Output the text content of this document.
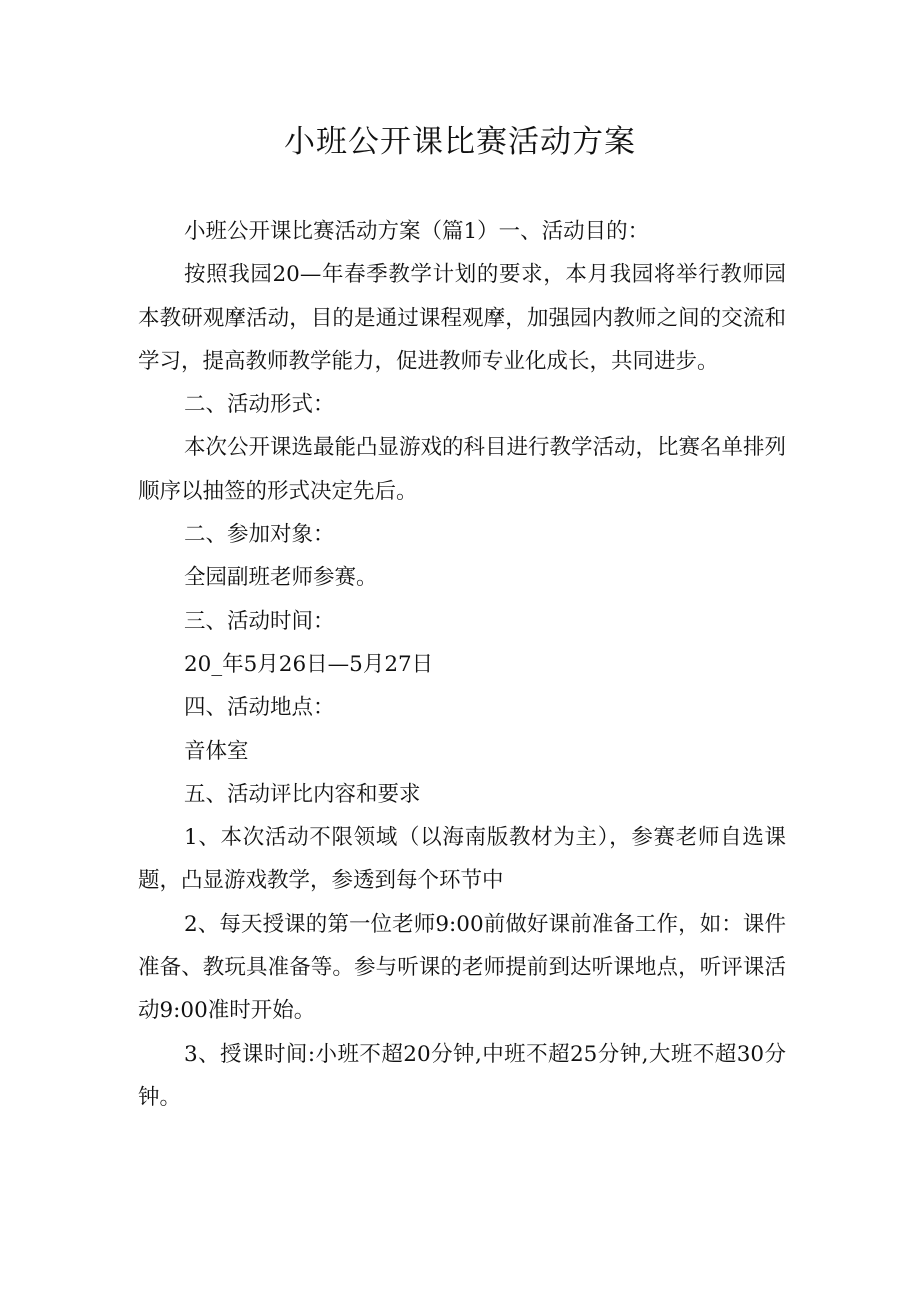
小班公开课比赛活动方案

小班公开课比赛活动方案（篇1）一、活动目的：

按照我园20—年春季教学计划的要求，本月我园将举行教师园本教研观摩活动，目的是通过课程观摩，加强园内教师之间的交流和学习，提高教师教学能力，促进教师专业化成长，共同进步。

二、活动形式：

本次公开课选最能凸显游戏的科目进行教学活动，比赛名单排列顺序以抽签的形式决定先后。

二、参加对象：

全园副班老师参赛。

三、活动时间：

20_年5月26日—5月27日

四、活动地点：

音体室

五、活动评比内容和要求

1、本次活动不限领域（以海南版教材为主），参赛老师自选课题，凸显游戏教学，参透到每个环节中

2、每天授课的第一位老师9:00前做好课前准备工作，如：课件准备、教玩具准备等。参与听课的老师提前到达听课地点，听评课活动9:00准时开始。

3、授课时间:小班不超20分钟,中班不超25分钟,大班不超30分钟。
